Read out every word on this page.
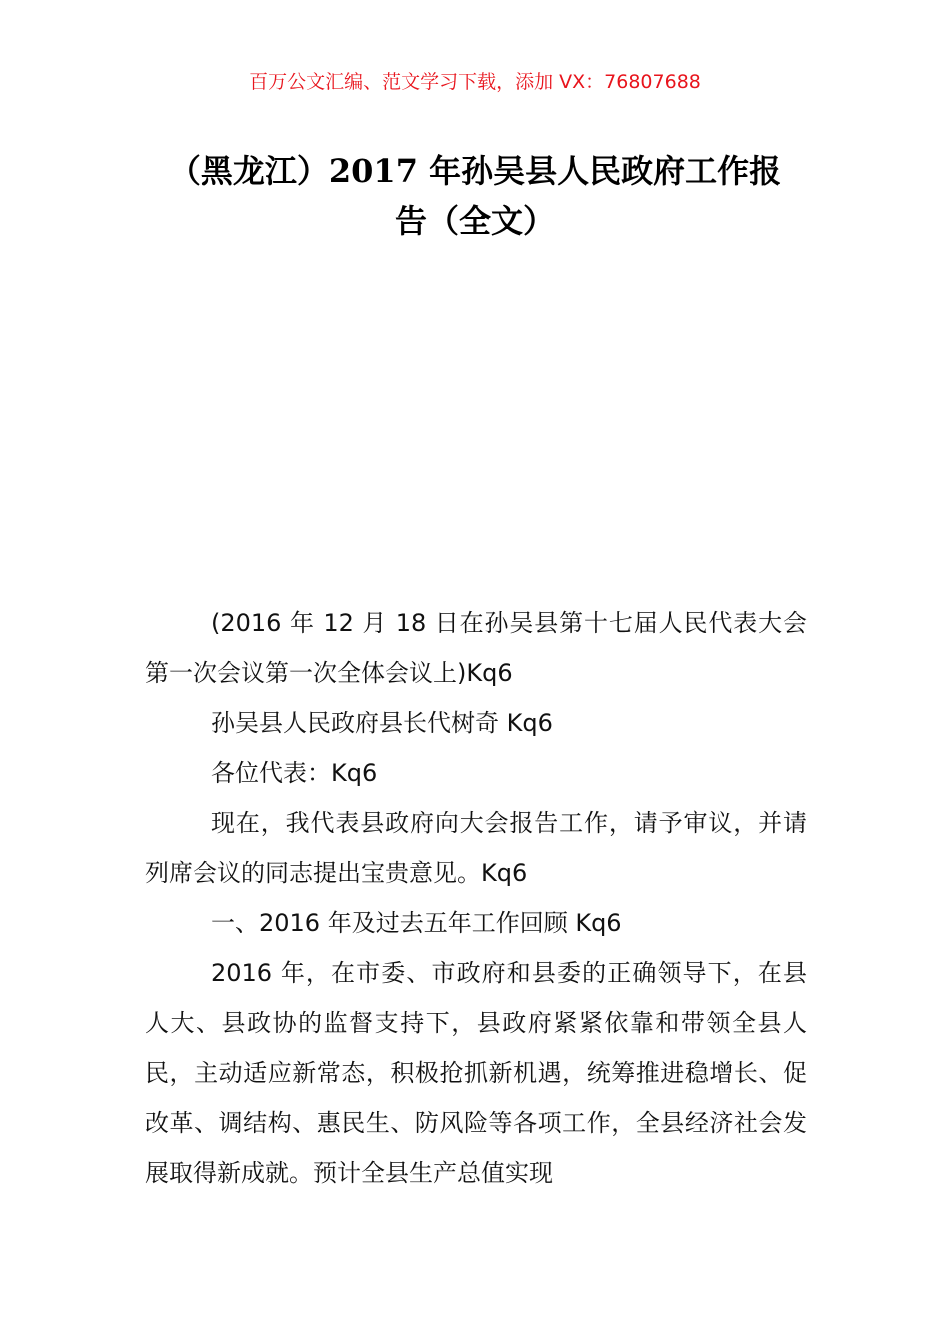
百万公文汇编、范文学习下载，添加 VX：76807688
（黑龙江）2017 年孙吴县人民政府工作报
告（全文）

(2016 年 12 月 18 日在孙吴县第十七届人民代表大会第一次会议第一次全体会议上)Kq6

孙吴县人民政府县长代树奇 Kq6

各位代表：Kq6

现在，我代表县政府向大会报告工作，请予审议，并请列席会议的同志提出宝贵意见。Kq6

一、2016 年及过去五年工作回顾 Kq6

2016 年，在市委、市政府和县委的正确领导下，在县人大、县政协的监督支持下，县政府紧紧依靠和带领全县人民，主动适应新常态，积极抢抓新机遇，统筹推进稳增长、促改革、调结构、惠民生、防风险等各项工作，全县经济社会发展取得新成就。预计全县生产总值实现
